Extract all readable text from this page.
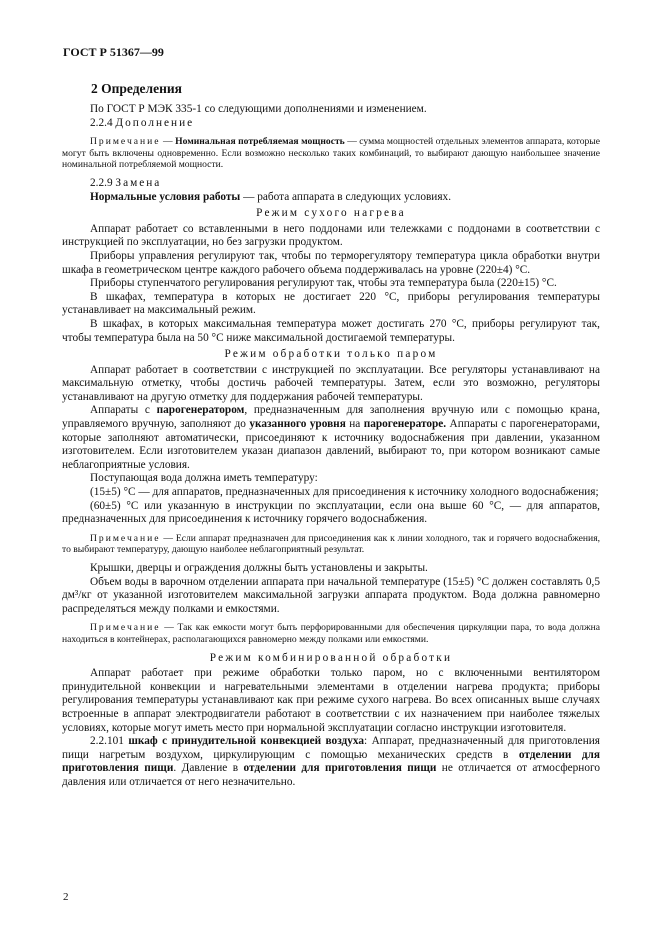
ГОСТ Р 51367—99
2 Определения

По ГОСТ Р МЭК 335-1 со следующими дополнениями и изменением.

2.2.4 Дополнение

Примечание — Номинальная потребляемая мощность — сумма мощностей отдельных элементов аппарата, которые могут быть включены одновременно. Если возможно несколько таких комбинаций, то выбирают дающую наибольшее значение номинальной потребляемой мощности.

2.2.9 Замена

Нормальные условия работы — работа аппарата в следующих условиях.

Режим сухого нагрева

Аппарат работает со вставленными в него поддонами или тележками с поддонами в соответствии с инструкцией по эксплуатации, но без загрузки продуктом.

Приборы управления регулируют так, чтобы по терморегулятору температура цикла обработки внутри шкафа в геометрическом центре каждого рабочего объема поддерживалась на уровне (220±4) °С.

Приборы ступенчатого регулирования регулируют так, чтобы эта температура была (220±15) °С.

В шкафах, температура в которых не достигает 220 °С, приборы регулирования температуры устанавливает на максимальный режим.

В шкафах, в которых максимальная температура может достигать 270 °С, приборы регулируют так, чтобы температура была на 50 °С ниже максимальной достигаемой температуры.

Режим обработки только паром

Аппарат работает в соответствии с инструкцией по эксплуатации. Все регуляторы устанавливают на максимальную отметку, чтобы достичь рабочей температуры. Затем, если это возможно, регуляторы устанавливают на другую отметку для поддержания рабочей температуры.

Аппараты с парогенератором, предназначенным для заполнения вручную или с помощью крана, управляемого вручную, заполняют до указанного уровня на парогенераторе. Аппараты с парогенераторами, которые заполняют автоматически, присоединяют к источнику водоснабжения при давлении, указанном изготовителем. Если изготовителем указан диапазон давлений, выбирают то, при котором возникают самые неблагоприятные условия.

Поступающая вода должна иметь температуру:

(15±5) °С — для аппаратов, предназначенных для присоединения к источнику холодного водоснабжения;

(60±5) °С или указанную в инструкции по эксплуатации, если она выше 60 °С, — для аппаратов, предназначенных для присоединения к источнику горячего водоснабжения.

Примечание — Если аппарат предназначен для присоединения как к линии холодного, так и горячего водоснабжения, то выбирают температуру, дающую наиболее неблагоприятный результат.

Крышки, дверцы и ограждения должны быть установлены и закрыты.

Объем воды в варочном отделении аппарата при начальной температуре (15±5) °С должен составлять 0,5 дм³/кг от указанной изготовителем максимальной загрузки аппарата продуктом. Вода должна равномерно распределяться между полками и емкостями.

Примечание — Так как емкости могут быть перфорированными для обеспечения циркуляции пара, то вода должна находиться в контейнерах, располагающихся равномерно между полками или емкостями.

Режим комбинированной обработки

Аппарат работает при режиме обработки только паром, но с включенными вентилятором принудительной конвекции и нагревательными элементами в отделении нагрева продукта; приборы регулирования температуры устанавливают как при режиме сухого нагрева. Во всех описанных выше случаях встроенные в аппарат электродвигатели работают в соответствии с их назначением при наиболее тяжелых условиях, которые могут иметь место при нормальной эксплуатации согласно инструкции изготовителя.

2.2.101 шкаф с принудительной конвекцией воздуха: Аппарат, предназначенный для приготовления пищи нагретым воздухом, циркулирующим с помощью механических средств в отделении для приготовления пищи. Давление в отделении для приготовления пищи не отличается от атмосферного давления или отличается от него незначительно.

2
